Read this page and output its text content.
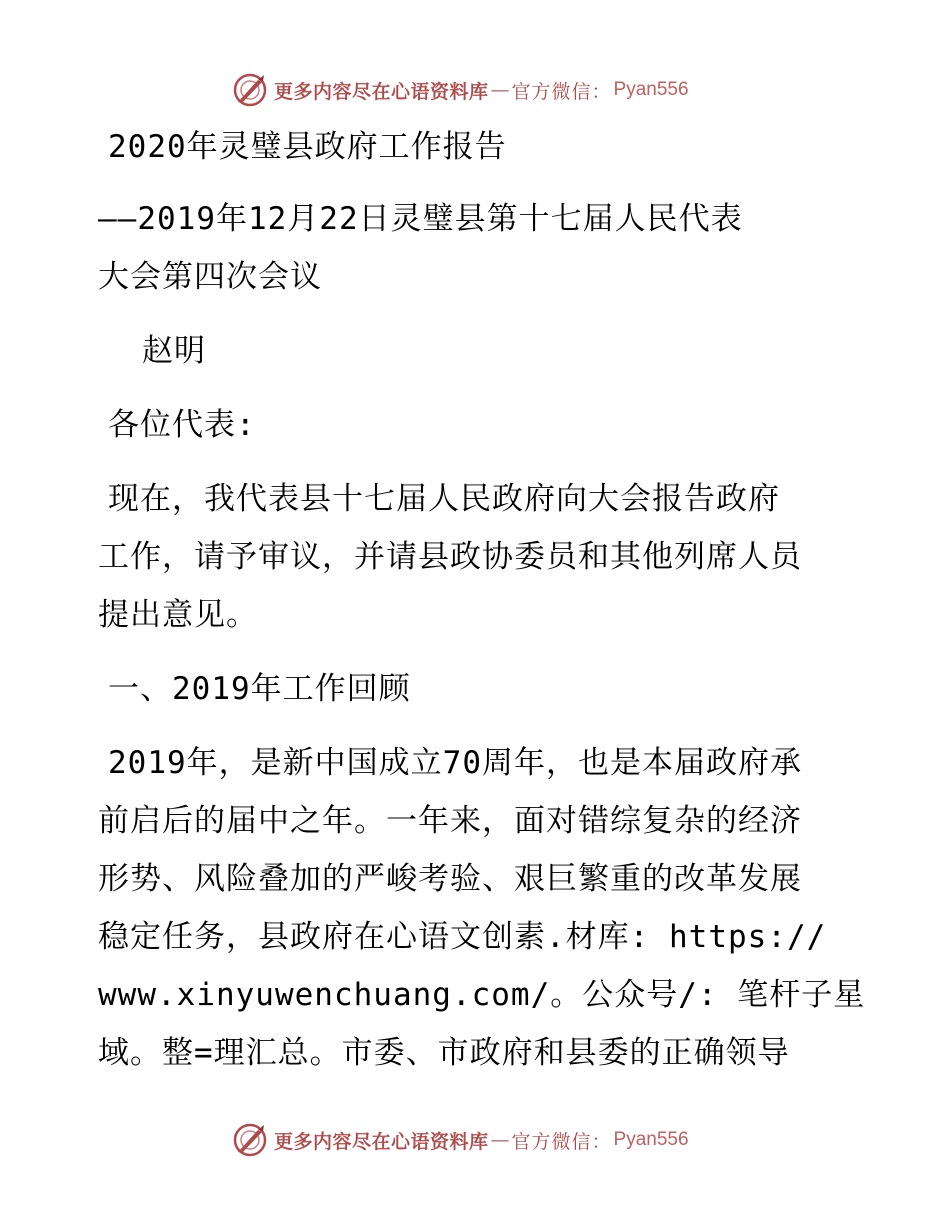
更多内容尽在心语资料库 — 官方微信： Pyan556
2020年灵璧县政府工作报告
——2019年12月22日灵璧县第十七届人民代表
大会第四次会议
赵明
各位代表:
现在，我代表县十七届人民政府向大会报告政府
工作，请予审议，并请县政协委员和其他列席人员
提出意见。
一、2019年工作回顾
2019年，是新中国成立70周年，也是本届政府承
前启后的届中之年。一年来，面对错综复杂的经济
形势、风险叠加的严峻考验、艰巨繁重的改革发展
稳定任务，县政府在心语文创素.材库: https://
www.xinyuwenchuang.com/。公众号/: 笔杆子星
域。整=理汇总。市委、市政府和县委的正确领导
更多内容尽在心语资料库 — 官方微信： Pyan556
